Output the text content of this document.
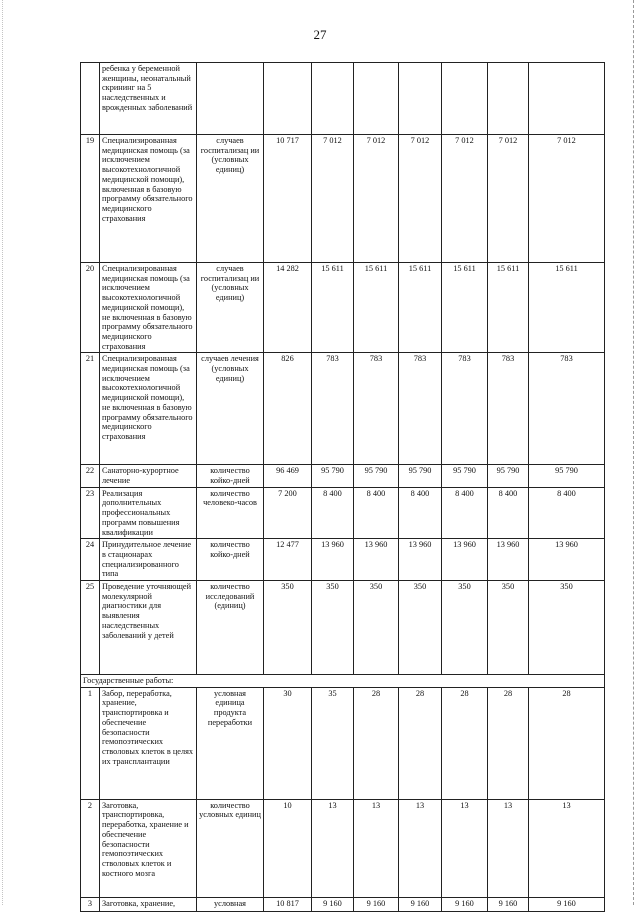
27
	ребенка у беременной женщины, неонатальный скрининг на 5 наследственных и врожденных заболеваний								
19	Специализированная медицинская помощь (за исключением высокотехнологичной медицинской помощи), включенная в базовую программу обязательного медицинского страхования	случаев госпитализац ии (условных единиц)	10 717	7 012	7 012	7 012	7 012	7 012	7 012
20	Специализированная медицинская помощь (за исключением высокотехнологичной медицинской помощи), не включенная в базовую программу обязательного медицинского страхования	случаев госпитализац ии (условных единиц)	14 282	15 611	15 611	15 611	15 611	15 611	15 611
21	Специализированная медицинская помощь (за исключением высокотехнологичной медицинской помощи), не включенная в базовую программу обязательного медицинского страхования	случаев лечения (условных единиц)	826	783	783	783	783	783	783
22	Санаторно-курортное лечение	количество койко-дней	96 469	95 790	95 790	95 790	95 790	95 790	95 790
23	Реализация дополнительных профессиональных программ повышения квалификации	количество человеко-часов	7 200	8 400	8 400	8 400	8 400	8 400	8 400
24	Принудительное лечение в стационарах специализированного типа	количество койко-дней	12 477	13 960	13 960	13 960	13 960	13 960	13 960
25	Проведение уточняющей молекулярной диагностики для выявления наследственных заболеваний у детей	количество исследований (единиц)	350	350	350	350	350	350	350
Государственные работы:									
1	Забор, переработка, хранение, транспортировка и обеспечение безопасности гемопоэтических стволовых клеток в целях их трансплантации	условная единица продукта переработки	30	35	28	28	28	28	28
2	Заготовка, транспортировка, переработка, хранение и обеспечение безопасности гемопоэтических стволовых клеток и костного мозга	количество условных единиц	10	13	13	13	13	13	13
3	Заготовка, хранение,	условная	10 817	9 160	9 160	9 160	9 160	9 160	9 160
